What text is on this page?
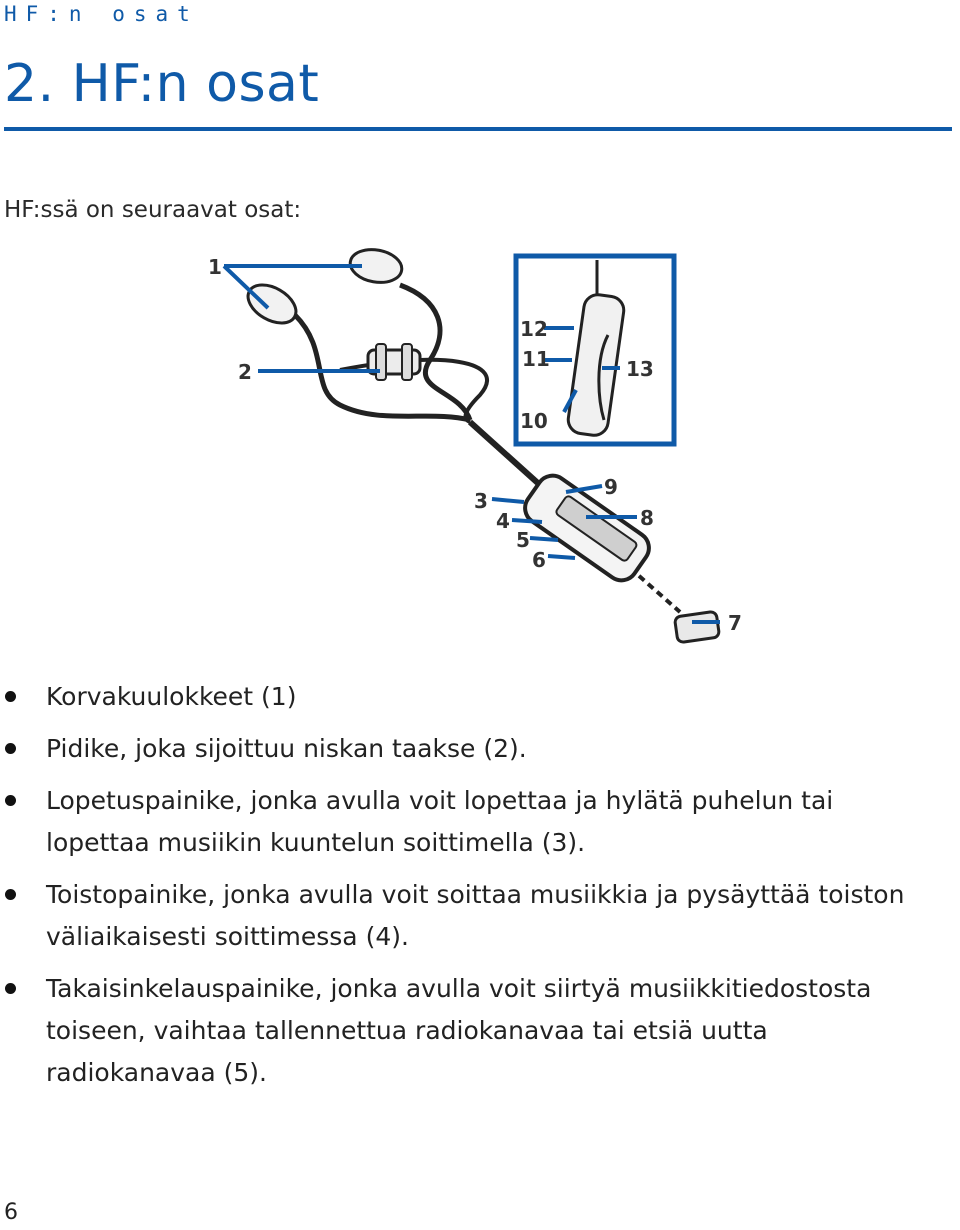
HF:n osat
2. HF:n osat

HF:ssä on seuraavat osat:

1
2
3
4
5
6
7
8
9
10
11
12
13
Korvakuulokkeet (1)
Pidike, joka sijoittuu niskan taakse (2).
Lopetuspainike, jonka avulla voit lopettaa ja hylätä puhelun tai lopettaa musiikin kuuntelun soittimella (3).
Toistopainike, jonka avulla voit soittaa musiikkia ja pysäyttää toiston väliaikaisesti soittimessa (4).
Takaisinkelauspainike, jonka avulla voit siirtyä musiikkitiedostosta toiseen, vaihtaa tallennettua radiokanavaa tai etsiä uutta radiokanavaa (5).
6
